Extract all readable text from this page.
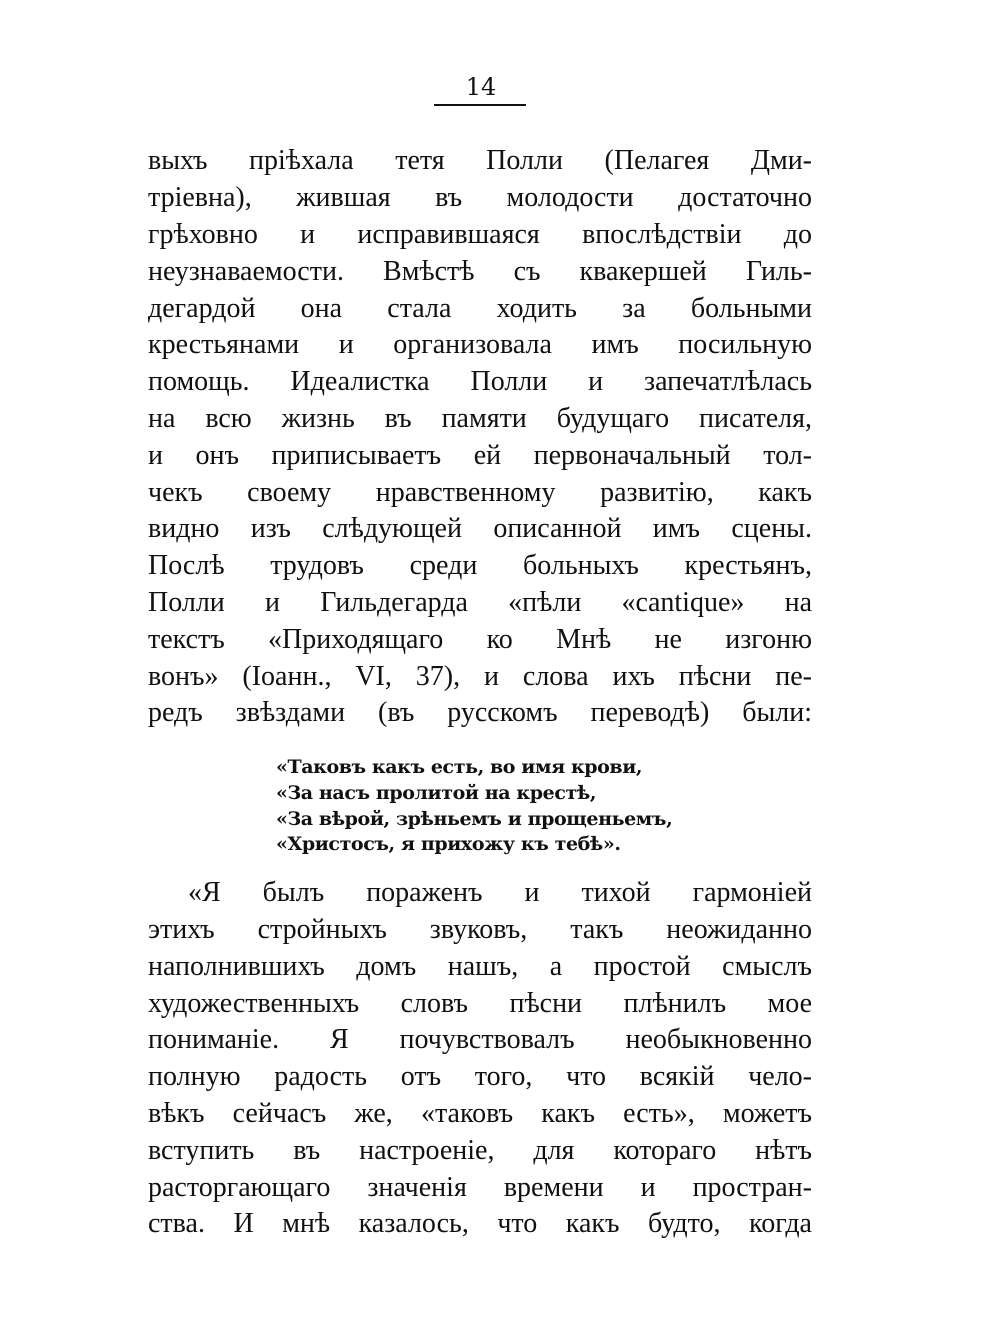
14
выхъ пріѣхала тетя Полли (Пелагея Дми-
тріевна), жившая въ молодости достаточно
грѣховно и исправившаяся впослѣдствіи до
неузнаваемости. Вмѣстѣ съ квакершей Гиль-
дегардой она стала ходить за больными
крестьянами и организовала имъ посильную
помощь. Идеалистка Полли и запечатлѣлась
на всю жизнь въ памяти будущаго писателя,
и онъ приписываетъ ей первоначальный тол-
чекъ своему нравственному развитію, какъ
видно изъ слѣдующей описанной имъ сцены.
Послѣ трудовъ среди больныхъ крестьянъ,
Полли и Гильдегарда «пѣли «cantique» на
текстъ «Приходящаго ко Мнѣ не изгоню
вонъ» (Іоанн., VI, 37), и слова ихъ пѣсни пе-
редъ звѣздами (въ русскомъ переводѣ) были:
«Таковъ какъ есть, во имя крови,
«За насъ пролитой на крестѣ,
«За вѣрой, зрѣньемъ и прощеньемъ,
«Христосъ, я прихожу къ тебѣ».
«Я былъ пораженъ и тихой гармоніей
этихъ стройныхъ звуковъ, такъ неожиданно
наполнившихъ домъ нашъ, а простой смыслъ
художественныхъ словъ пѣсни плѣнилъ мое
пониманіе. Я почувствовалъ необыкновенно
полную радость отъ того, что всякій чело-
вѣкъ сейчасъ же, «таковъ какъ есть», можетъ
вступить въ настроеніе, для котораго нѣтъ
расторгающаго значенія времени и простран-
ства. И мнѣ казалось, что какъ будто, когда
